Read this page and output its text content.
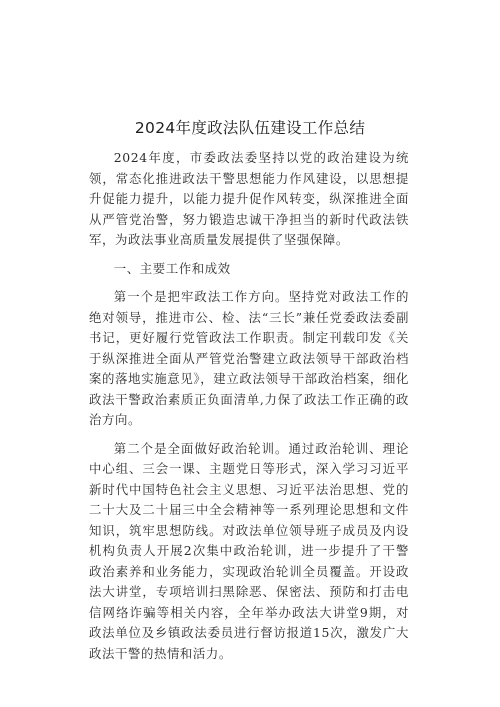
2024年度政法队伍建设工作总结

2024年度，市委政法委坚持以党的政治建设为统领，常态化推进政法干警思想能力作风建设，以思想提升促能力提升，以能力提升促作风转变，纵深推进全面从严管党治警，努力锻造忠诚干净担当的新时代政法铁军，为政法事业高质量发展提供了坚强保障。

一、主要工作和成效

第一个是把牢政法工作方向。坚持党对政法工作的绝对领导，推进市公、检、法“三长”兼任党委政法委副书记，更好履行党管政法工作职责。制定刊载印发《关于纵深推进全面从严管党治警建立政法领导干部政治档案的落地实施意见》，建立政法领导干部政治档案，细化政法干警政治素质正负面清单,力保了政法工作正确的政治方向。

第二个是全面做好政治轮训。通过政治轮训、理论中心组、三会一课、主题党日等形式，深入学习习近平新时代中国特色社会主义思想、习近平法治思想、党的二十大及二十届三中全会精神等一系列理论思想和文件知识，筑牢思想防线。对政法单位领导班子成员及内设机构负责人开展2次集中政治轮训，进一步提升了干警政治素养和业务能力，实现政治轮训全员覆盖。开设政法大讲堂，专项培训扫黑除恶、保密法、预防和打击电信网络诈骗等相关内容，全年举办政法大讲堂9期，对政法单位及乡镇政法委员进行督访报道15次，激发广大政法干警的热情和活力。
